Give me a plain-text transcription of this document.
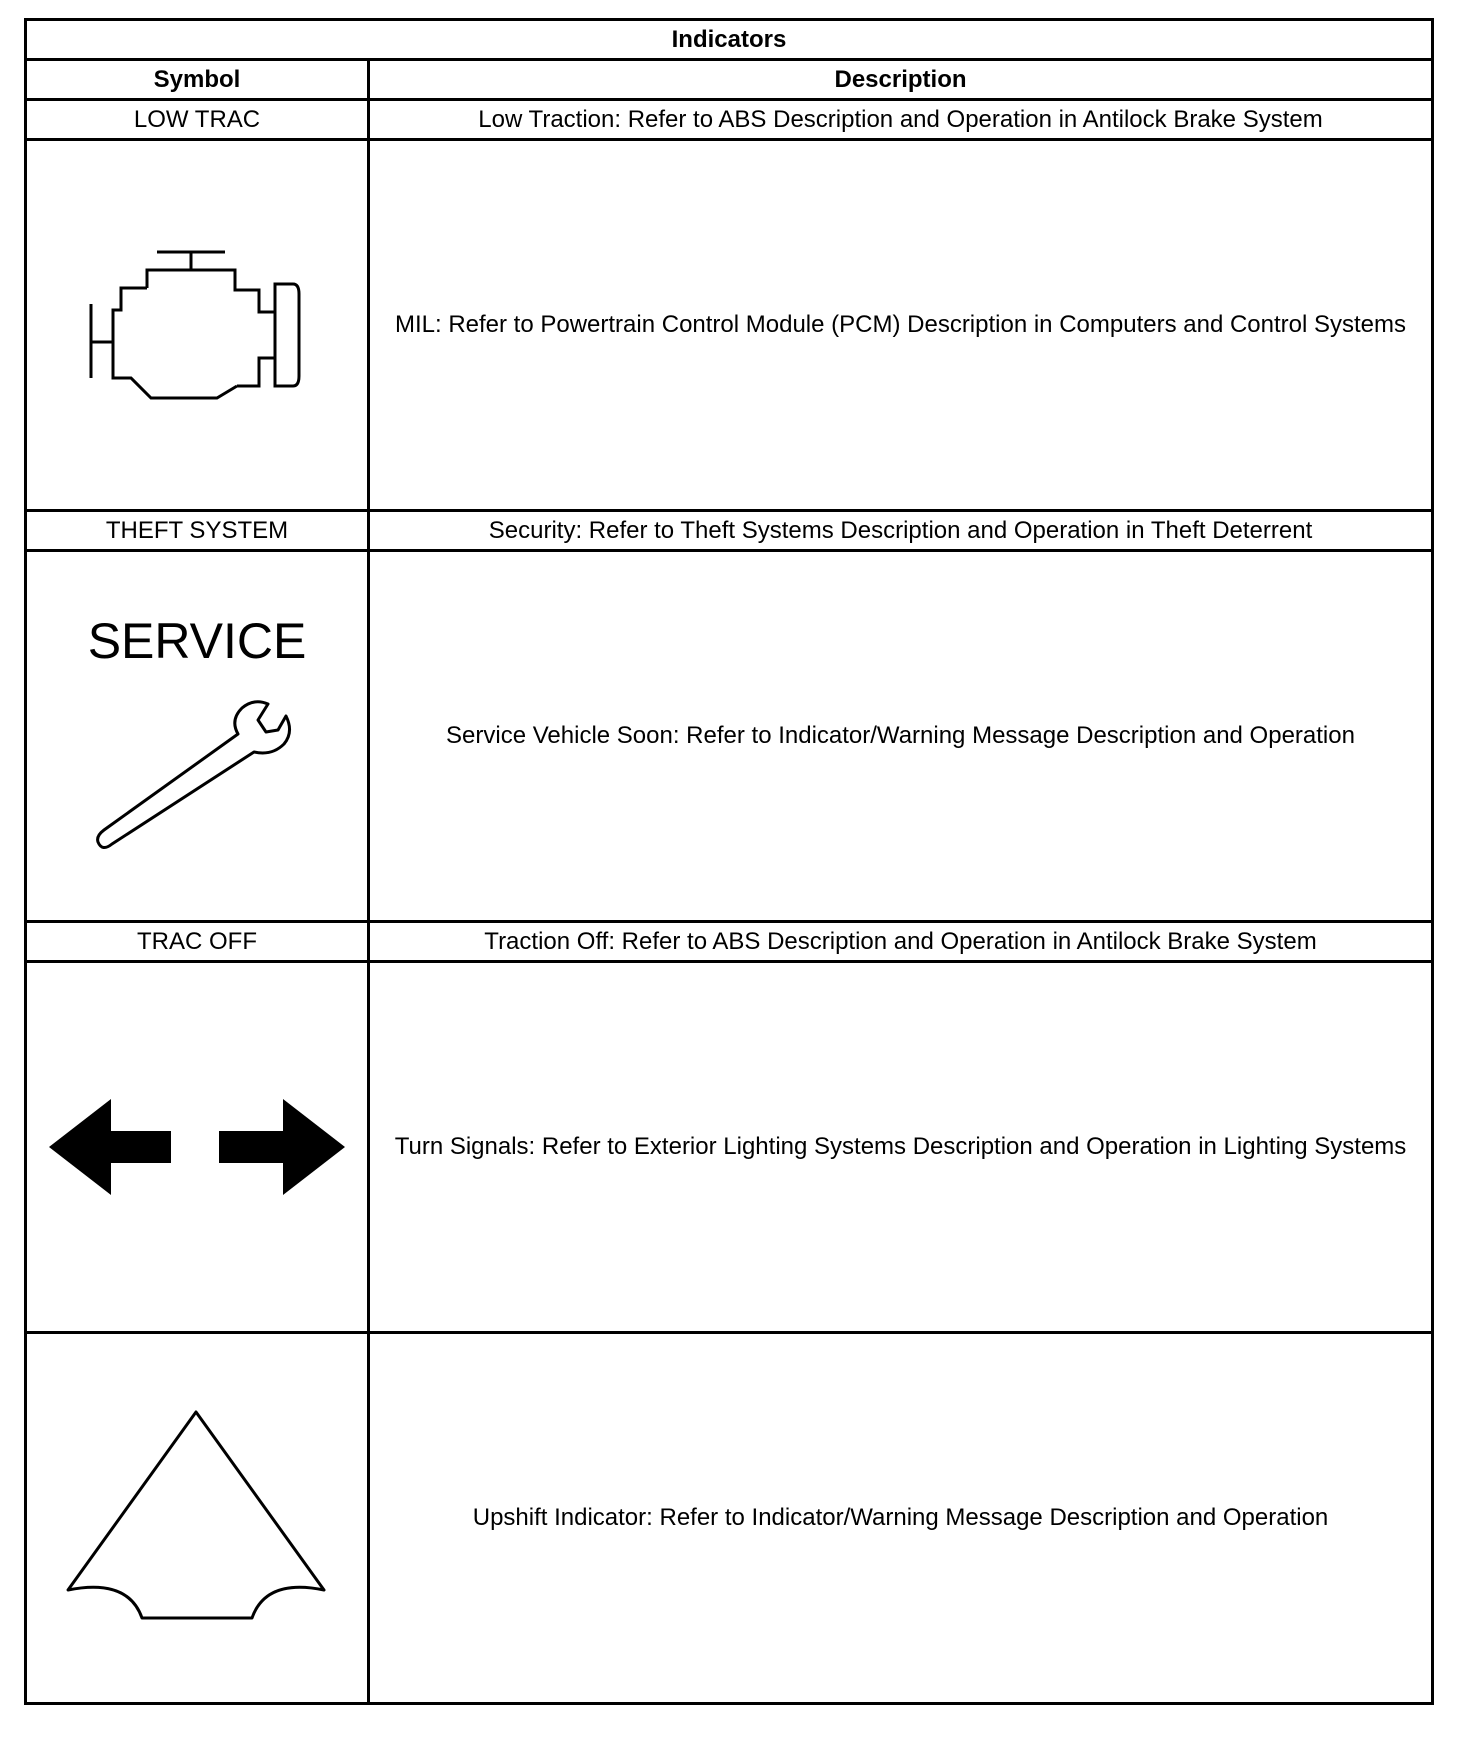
Indicators	
Symbol	Description
LOW TRAC	Low Traction: Refer to ABS Description and Operation in Antilock Brake System

	MIL: Refer to Powertrain Control Module (PCM) Description in Computers and Control Systems
THEFT SYSTEM	Security: Refer to Theft Systems Description and Operation in Theft Deterrent

SERVICE	Service Vehicle Soon: Refer to Indicator/Warning Message Description and Operation
TRAC OFF	Traction Off: Refer to ABS Description and Operation in Antilock Brake System

	Turn Signals: Refer to Exterior Lighting Systems Description and Operation in Lighting Systems

	Upshift Indicator: Refer to Indicator/Warning Message Description and Operation
